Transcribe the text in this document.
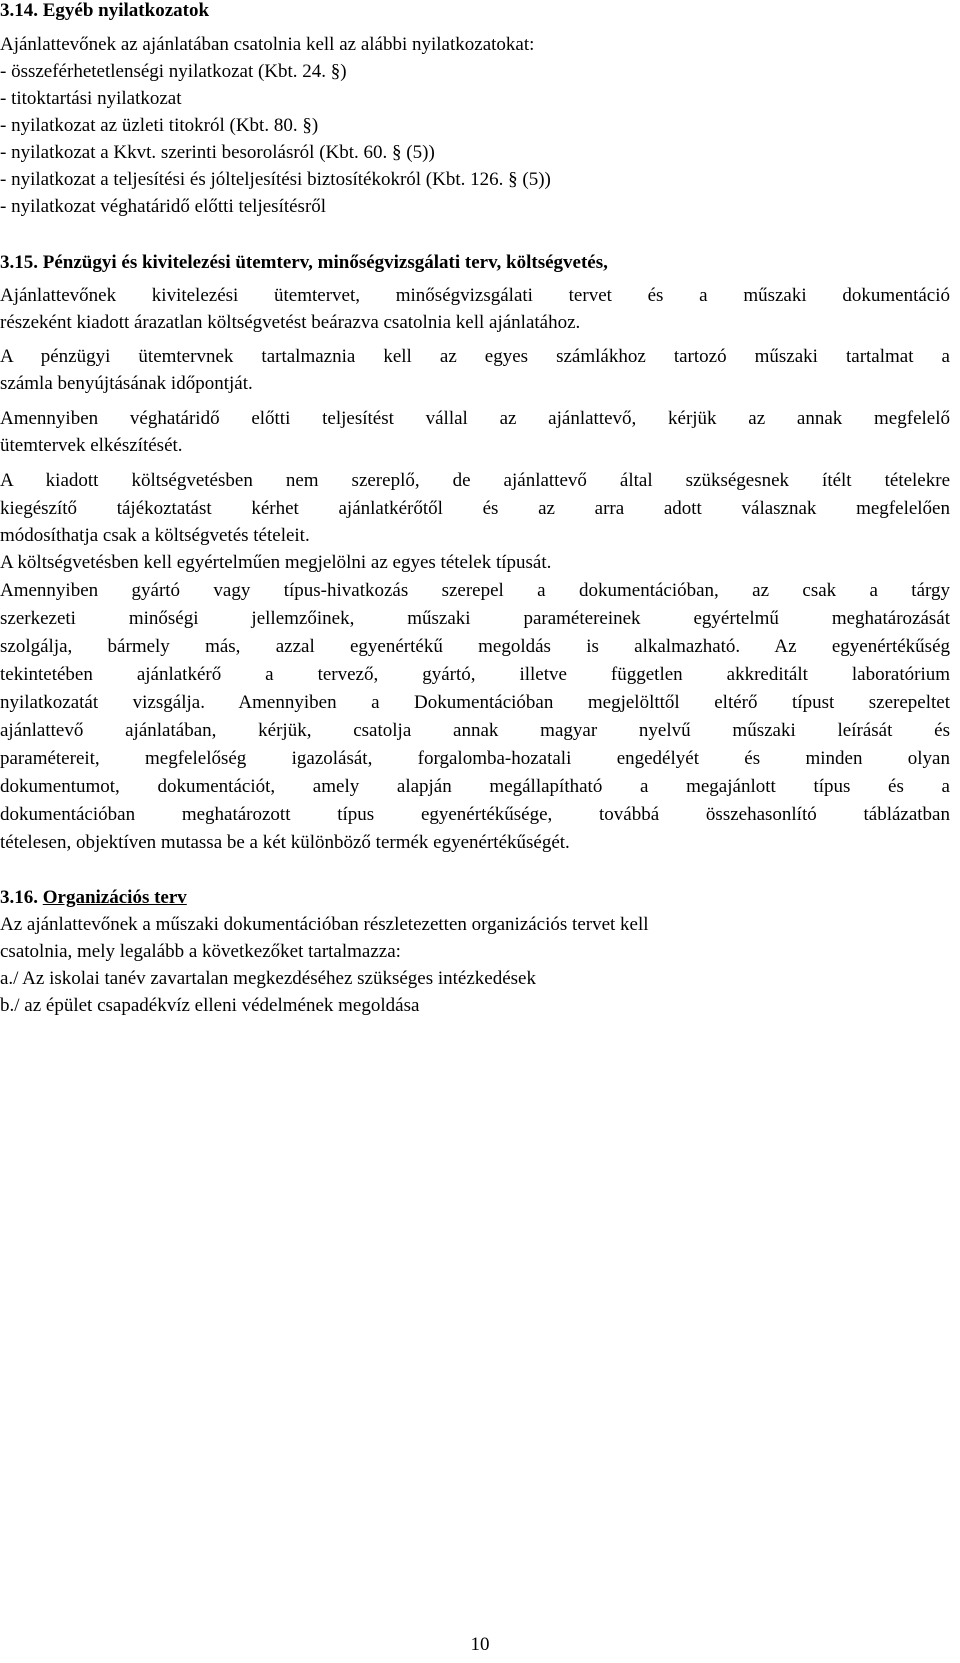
3.14. Egyéb nyilatkozatok
Ajánlattevőnek az ajánlatában csatolnia kell az alábbi nyilatkozatokat:
- összeférhetetlenségi nyilatkozat (Kbt. 24. §)
- titoktartási nyilatkozat
- nyilatkozat az üzleti titokról (Kbt. 80. §)
- nyilatkozat a Kkvt. szerinti besorolásról (Kbt. 60. § (5))
- nyilatkozat a teljesítési és jólteljesítési biztosítékokról (Kbt. 126. § (5))
- nyilatkozat véghatáridő előtti teljesítésről
3.15. Pénzügyi és kivitelezési ütemterv, minőségvizsgálati terv, költségvetés,
Ajánlattevőnek kivitelezési ütemtervet, minőségvizsgálati tervet és a műszaki dokumentáció
részeként kiadott árazatlan költségvetést beárazva csatolnia kell ajánlatához.
A pénzügyi ütemtervnek tartalmaznia kell az egyes számlákhoz tartozó műszaki tartalmat a
számla benyújtásának időpontját.
Amennyiben véghatáridő előtti teljesítést vállal az ajánlattevő, kérjük az annak megfelelő
ütemtervek elkészítését.
A kiadott költségvetésben nem szereplő, de ajánlattevő által szükségesnek ítélt tételekre
kiegészítő tájékoztatást kérhet ajánlatkérőtől és az arra adott válasznak megfelelően
módosíthatja csak a költségvetés tételeit.
A költségvetésben kell egyértelműen megjelölni az egyes tételek típusát.
Amennyiben gyártó vagy típus-hivatkozás szerepel a dokumentációban, az csak a tárgy
szerkezeti minőségi jellemzőinek, műszaki paramétereinek egyértelmű meghatározását
szolgálja, bármely más, azzal egyenértékű megoldás is alkalmazható. Az egyenértékűség
tekintetében ajánlatkérő a tervező, gyártó, illetve független akkreditált laboratórium
nyilatkozatát vizsgálja. Amennyiben a Dokumentációban megjelölttől eltérő típust szerepeltet
ajánlattevő ajánlatában, kérjük, csatolja annak magyar nyelvű műszaki leírását és
paramétereit, megfelelőség igazolását, forgalomba-hozatali engedélyét és minden olyan
dokumentumot, dokumentációt, amely alapján megállapítható a megajánlott típus és a
dokumentációban meghatározott típus egyenértékűsége, továbbá összehasonlító táblázatban
tételesen, objektíven mutassa be a két különböző termék egyenértékűségét.
3.16. Organizációs terv
Az ajánlattevőnek a műszaki dokumentációban részletezetten organizációs tervet kell
csatolnia, mely legalább a következőket tartalmazza:
a./ Az iskolai tanév zavartalan megkezdéséhez szükséges intézkedések
b./ az épület csapadékvíz elleni védelmének megoldása
10
